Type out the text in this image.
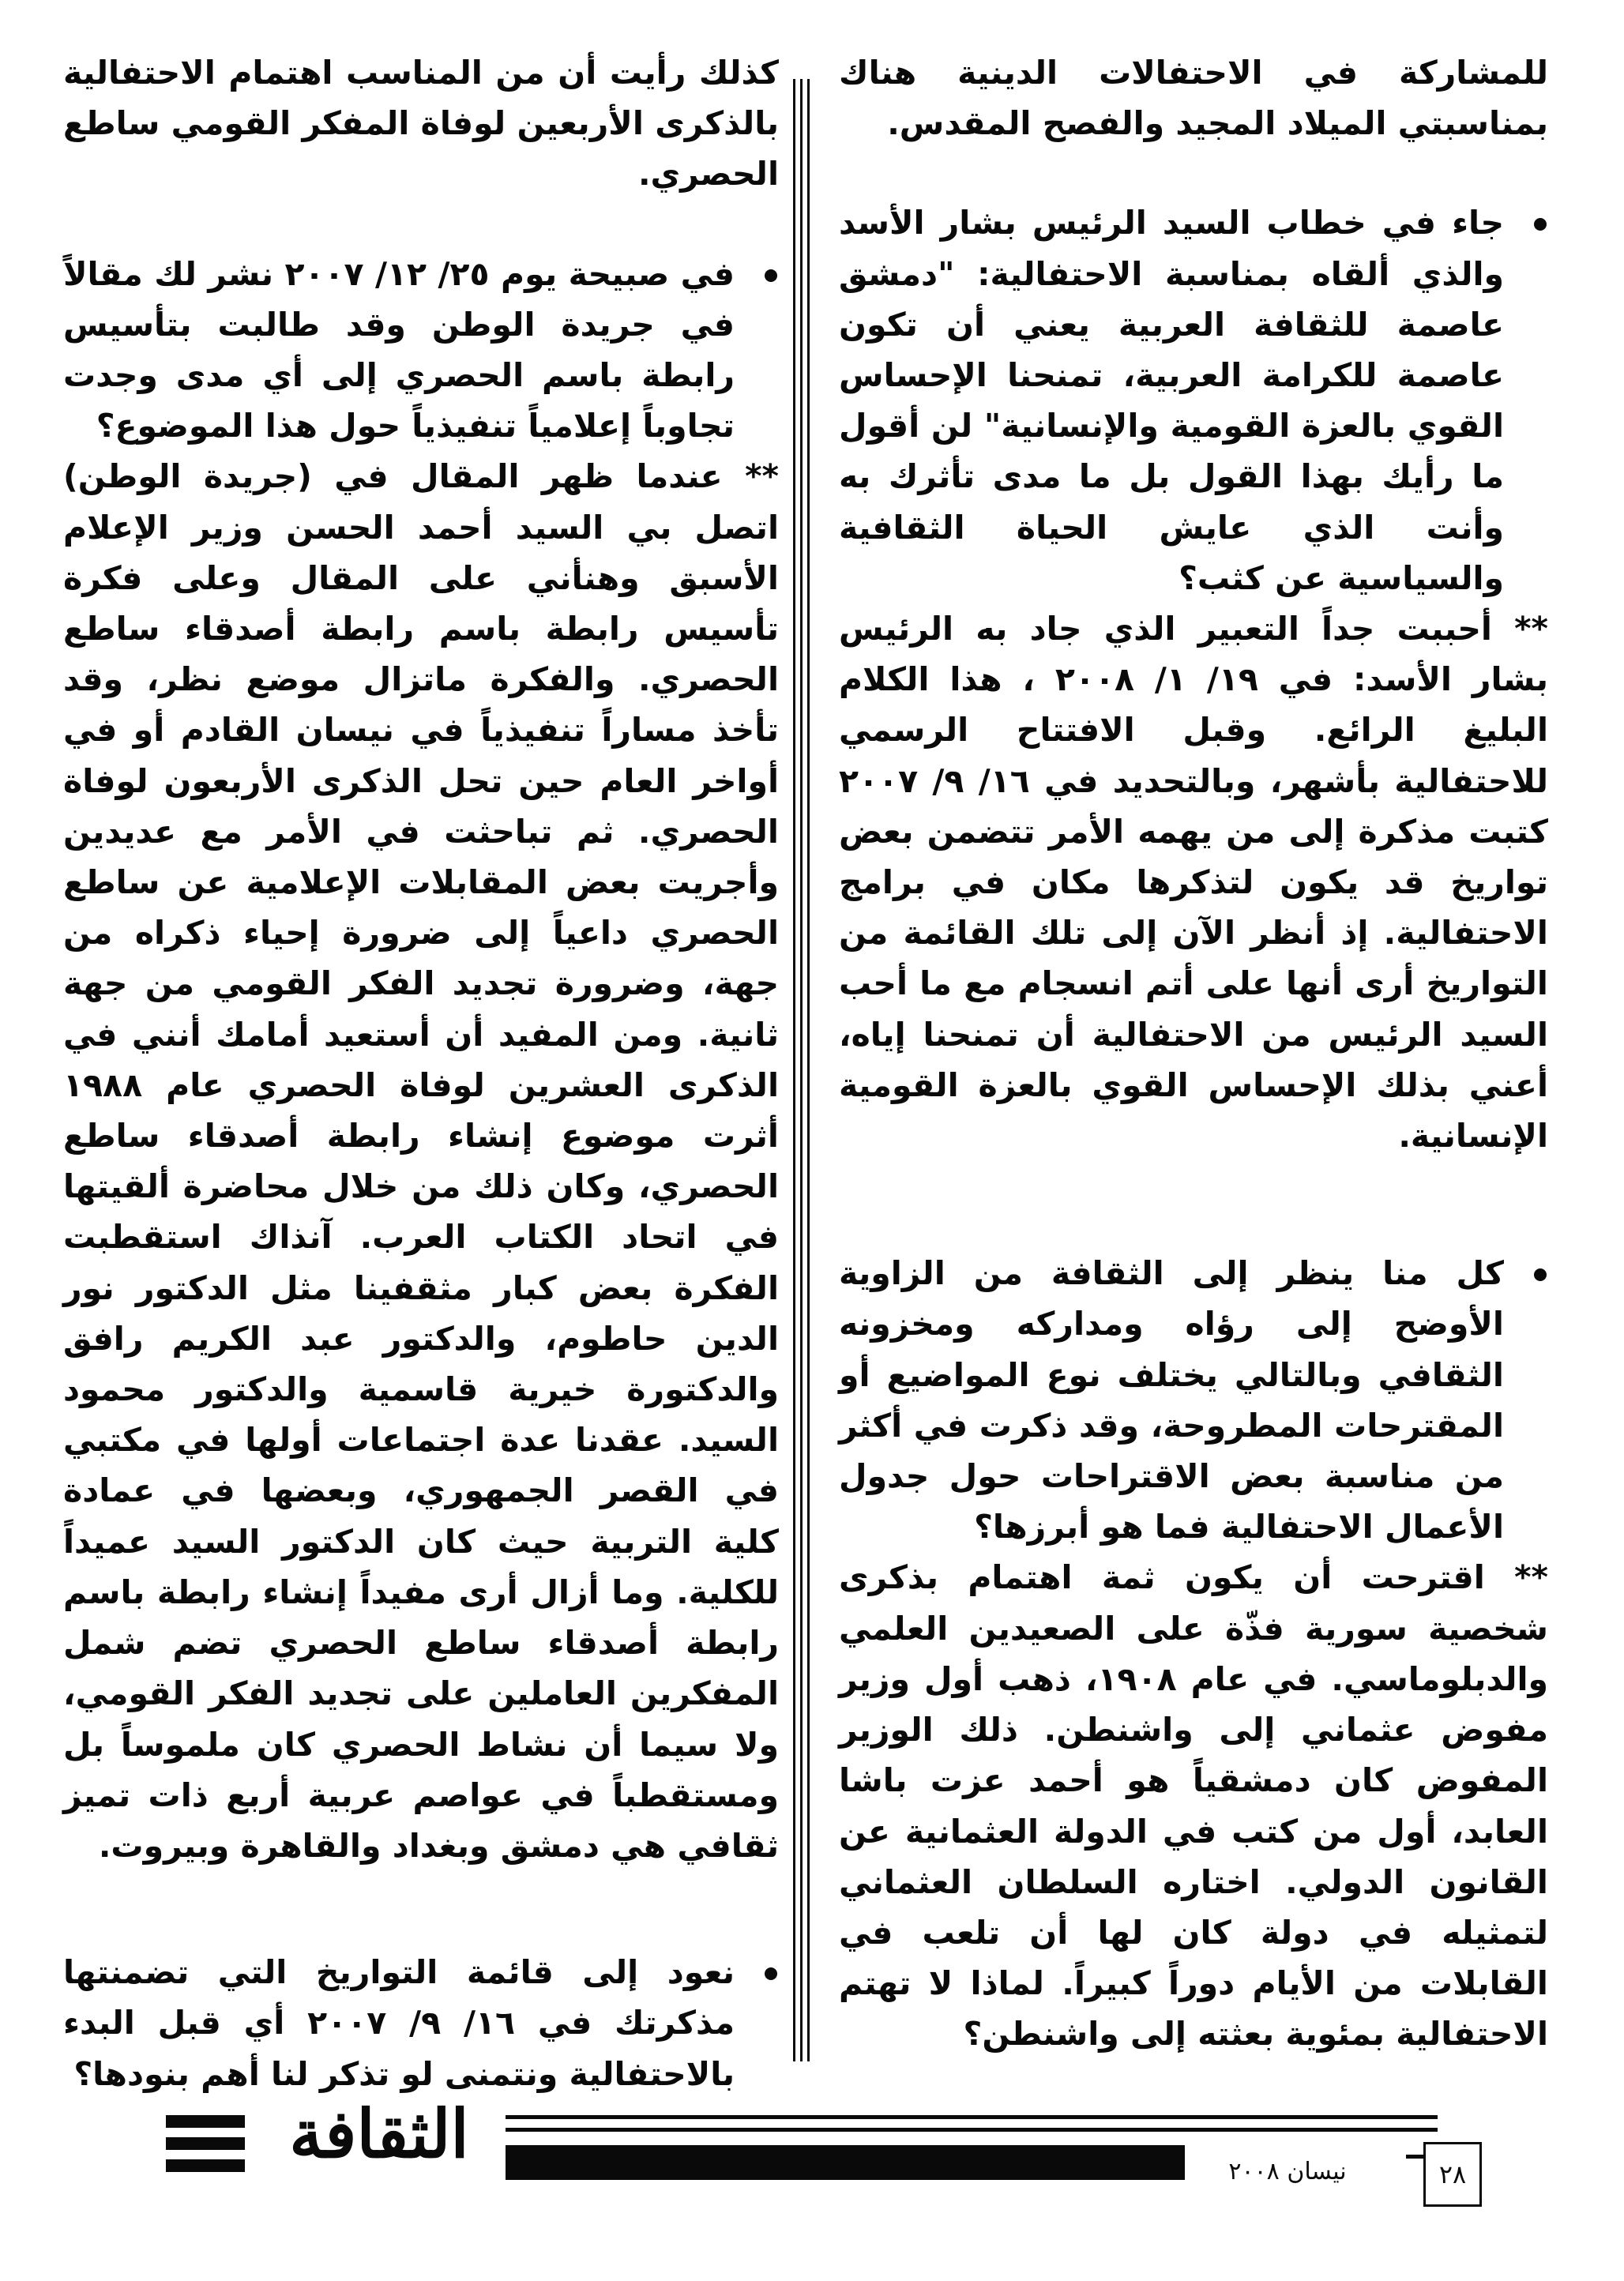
للمشاركة في الاحتفالات الدينية هناك بمناسبتي الميلاد المجيد والفصح المقدس.

جاء في خطاب السيد الرئيس بشار الأسد والذي ألقاه بمناسبة الاحتفالية: "دمشق عاصمة للثقافة العربية يعني أن تكون عاصمة للكرامة العربية، تمنحنا الإحساس القوي بالعزة القومية والإنسانية" لن أقول ما رأيك بهذا القول بل ما مدى تأثرك به وأنت الذي عايش الحياة الثقافية والسياسية عن كثب؟

** أحببت جداً التعبير الذي جاد به الرئيس بشار الأسد: في ١٩/ ١/ ٢٠٠٨ ، هذا الكلام البليغ الرائع. وقبل الافتتاح الرسمي للاحتفالية بأشهر، وبالتحديد في ١٦/ ٩/ ٢٠٠٧ كتبت مذكرة إلى من يهمه الأمر تتضمن بعض تواريخ قد يكون لتذكرها مكان في برامج الاحتفالية. إذ أنظر الآن إلى تلك القائمة من التواريخ أرى أنها على أتم انسجام مع ما أحب السيد الرئيس من الاحتفالية أن تمنحنا إياه، أعني بذلك الإحساس القوي بالعزة القومية الإنسانية.

كل منا ينظر إلى الثقافة من الزاوية الأوضح إلى رؤاه ومداركه ومخزونه الثقافي وبالتالي يختلف نوع المواضيع أو المقترحات المطروحة، وقد ذكرت في أكثر من مناسبة بعض الاقتراحات حول جدول الأعمال الاحتفالية فما هو أبرزها؟

** اقترحت أن يكون ثمة اهتمام بذكرى شخصية سورية فذّة على الصعيدين العلمي والدبلوماسي. في عام ١٩٠٨، ذهب أول وزير مفوض عثماني إلى واشنطن. ذلك الوزير المفوض كان دمشقياً هو أحمد عزت باشا العابد، أول من كتب في الدولة العثمانية عن القانون الدولي. اختاره السلطان العثماني لتمثيله في دولة كان لها أن تلعب في القابلات من الأيام دوراً كبيراً. لماذا لا تهتم الاحتفالية بمئوية بعثته إلى واشنطن؟

كذلك رأيت أن من المناسب اهتمام الاحتفالية بالذكرى الأربعين لوفاة المفكر القومي ساطع الحصري.

في صبيحة يوم ٢٥/ ١٢/ ٢٠٠٧ نشر لك مقالاً في جريدة الوطن وقد طالبت بتأسيس رابطة باسم الحصري إلى أي مدى وجدت تجاوباً إعلامياً تنفيذياً حول هذا الموضوع؟

** عندما ظهر المقال في (جريدة الوطن) اتصل بي السيد أحمد الحسن وزير الإعلام الأسبق وهنأني على المقال وعلى فكرة تأسيس رابطة باسم رابطة أصدقاء ساطع الحصري. والفكرة ماتزال موضع نظر، وقد تأخذ مساراً تنفيذياً في نيسان القادم أو في أواخر العام حين تحل الذكرى الأربعون لوفاة الحصري. ثم تباحثت في الأمر مع عديدين وأجريت بعض المقابلات الإعلامية عن ساطع الحصري داعياً إلى ضرورة إحياء ذكراه من جهة، وضرورة تجديد الفكر القومي من جهة ثانية. ومن المفيد أن أستعيد أمامك أنني في الذكرى العشرين لوفاة الحصري عام ١٩٨٨ أثرت موضوع إنشاء رابطة أصدقاء ساطع الحصري، وكان ذلك من خلال محاضرة ألقيتها في اتحاد الكتاب العرب. آنذاك استقطبت الفكرة بعض كبار مثقفينا مثل الدكتور نور الدين حاطوم، والدكتور عبد الكريم رافق والدكتورة خيرية قاسمية والدكتور محمود السيد. عقدنا عدة اجتماعات أولها في مكتبي في القصر الجمهوري، وبعضها في عمادة كلية التربية حيث كان الدكتور السيد عميداً للكلية. وما أزال أرى مفيداً إنشاء رابطة باسم رابطة أصدقاء ساطع الحصري تضم شمل المفكرين العاملين على تجديد الفكر القومي، ولا سيما أن نشاط الحصري كان ملموساً بل ومستقطباً في عواصم عربية أربع ذات تميز ثقافي هي دمشق وبغداد والقاهرة وبيروت.

نعود إلى قائمة التواريخ التي تضمنتها مذكرتك في ١٦/ ٩/ ٢٠٠٧ أي قبل البدء بالاحتفالية ونتمنى لو تذكر لنا أهم بنودها؟

الثقافة	نيسان ٢٠٠٨	٢٨
